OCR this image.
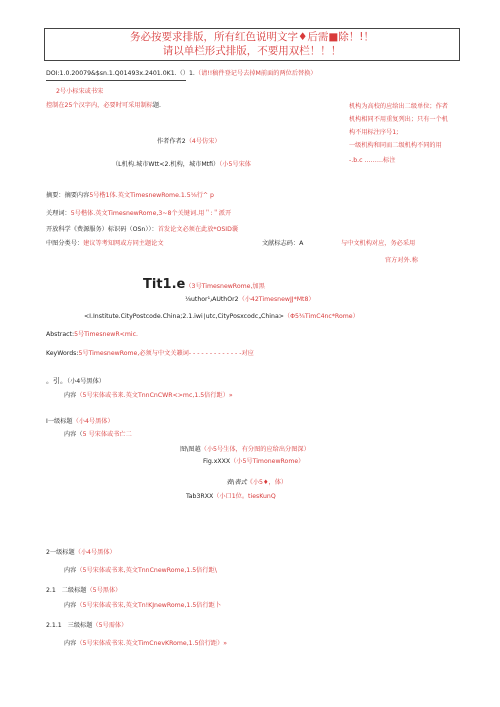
务必按要求排版，所有红色说明文字♦后需■除！!！
请以单栏形式排版，不要用双栏！！！
DOI:1.0.20079&$sn.1.Q01493x.2401.0K1.（）1.（请!!稿件登记号去掉M前面的两位后替换）
2号小标宋或书宋
控制在25个汉字内，必要时可采用制标题.	机构为高校的应给出二级单位；作者
机构相同不用重复列出；只有一个机
构不用标注序号1;
一级机构和同而二级机构不同的用
-.b.c ………标注
作者作者2（4号仿宋）
（L机构.城市Wtt<2.机构，城市Mtfi）（小5号宋体
摘要：摘要内容5号楷1体.英文TimesnewRome.1.5⅛行^ p
关理词：5号楷体.英文TimesnewRome,3~8个关键词.用＂:＂派开
开放科学《费源服务）标识码（OSn））：首发论文必须在此放*OSID囊
中图分类号：建议等考知网或方同主题论文	文献标志码：A	与中文机构对应，务必采用
官方对外.称
Tit1.e（3号TimesnewRome,加黑
⅛uthor¹٫AUthOr2（小42TimesnewJJ*Mt8）
<I.Institute.CityPostcode.China;2.1.iwi∣utc,CityPosxcodc„China>（Φ5¾TimC4nc*Rome）
Abstract:5号TimesnewR<mic.
KeyWords:5号TimesnewRome,必须与中文关籟词- - - - - - - - - - - - -对应
。引。（小4号黑体）
内容（5号宋体或书来.英文TnnCnCWR<>mc,1.5倍行距）»
I一级标題（小4号黑体）
内容（5 号宋体或书亡二
图\图越（小5号生体，有分图的应给出分图深）
Fig.xXXX（小5号TimonewRome）
表\表式《小5♦，体）
Tab3RXX（小口1位。tiesKunQ
2一级标题（小4号黑体）
内容（5号宋体或书来,英文TnnCnewRome,1.5倍行距\
2.1 二级标题（5号黑体）
内容（5号宋体或书宋,英文Tn!KJnewRome,1.5倍行距卜
2.1.1 三级标题（5号需体）
内容（5号宋体成书宋.英文TimCnevKRome,1.5倍行距）»
